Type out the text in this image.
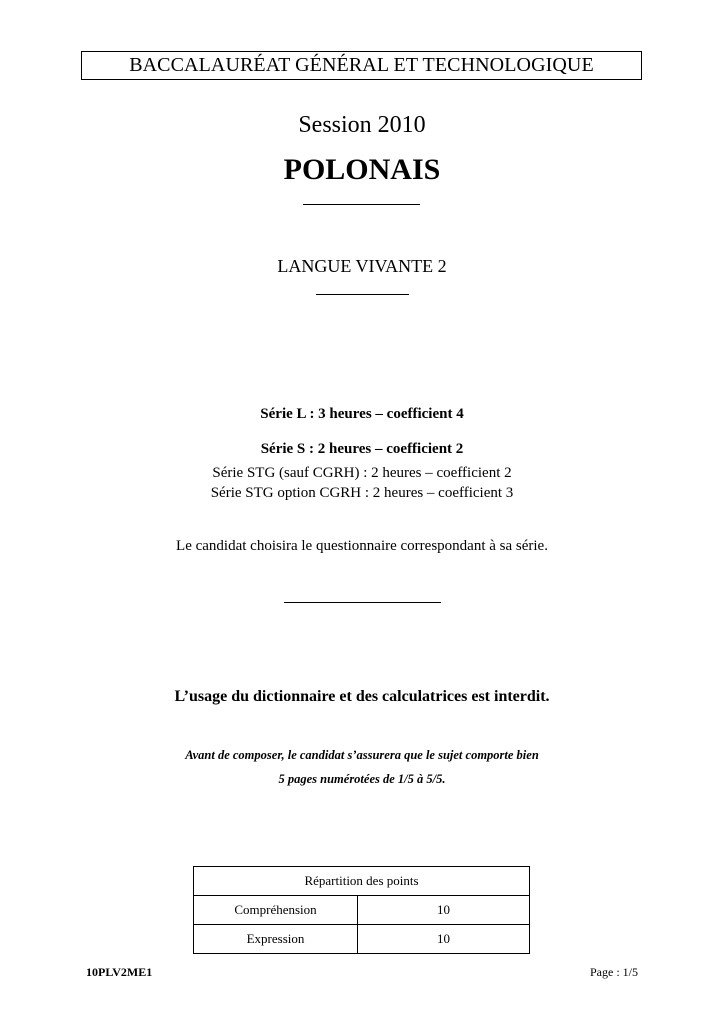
BACCALAURÉAT GÉNÉRAL ET TECHNOLOGIQUE
Session 2010
POLONAIS
LANGUE VIVANTE 2
Série L : 3 heures – coefficient 4
Série S : 2 heures – coefficient 2
Série STG (sauf CGRH) : 2 heures – coefficient 2
Série STG option CGRH : 2 heures – coefficient 3
Le candidat choisira le questionnaire correspondant à sa série.
L’usage du dictionnaire et des calculatrices est interdit.
Avant de composer, le candidat s’assurera que le sujet comporte bien
5 pages numérotées de 1/5 à 5/5.
Répartition des points	
Compréhension	10
Expression	10
10PLV2ME1	Page : 1/5
